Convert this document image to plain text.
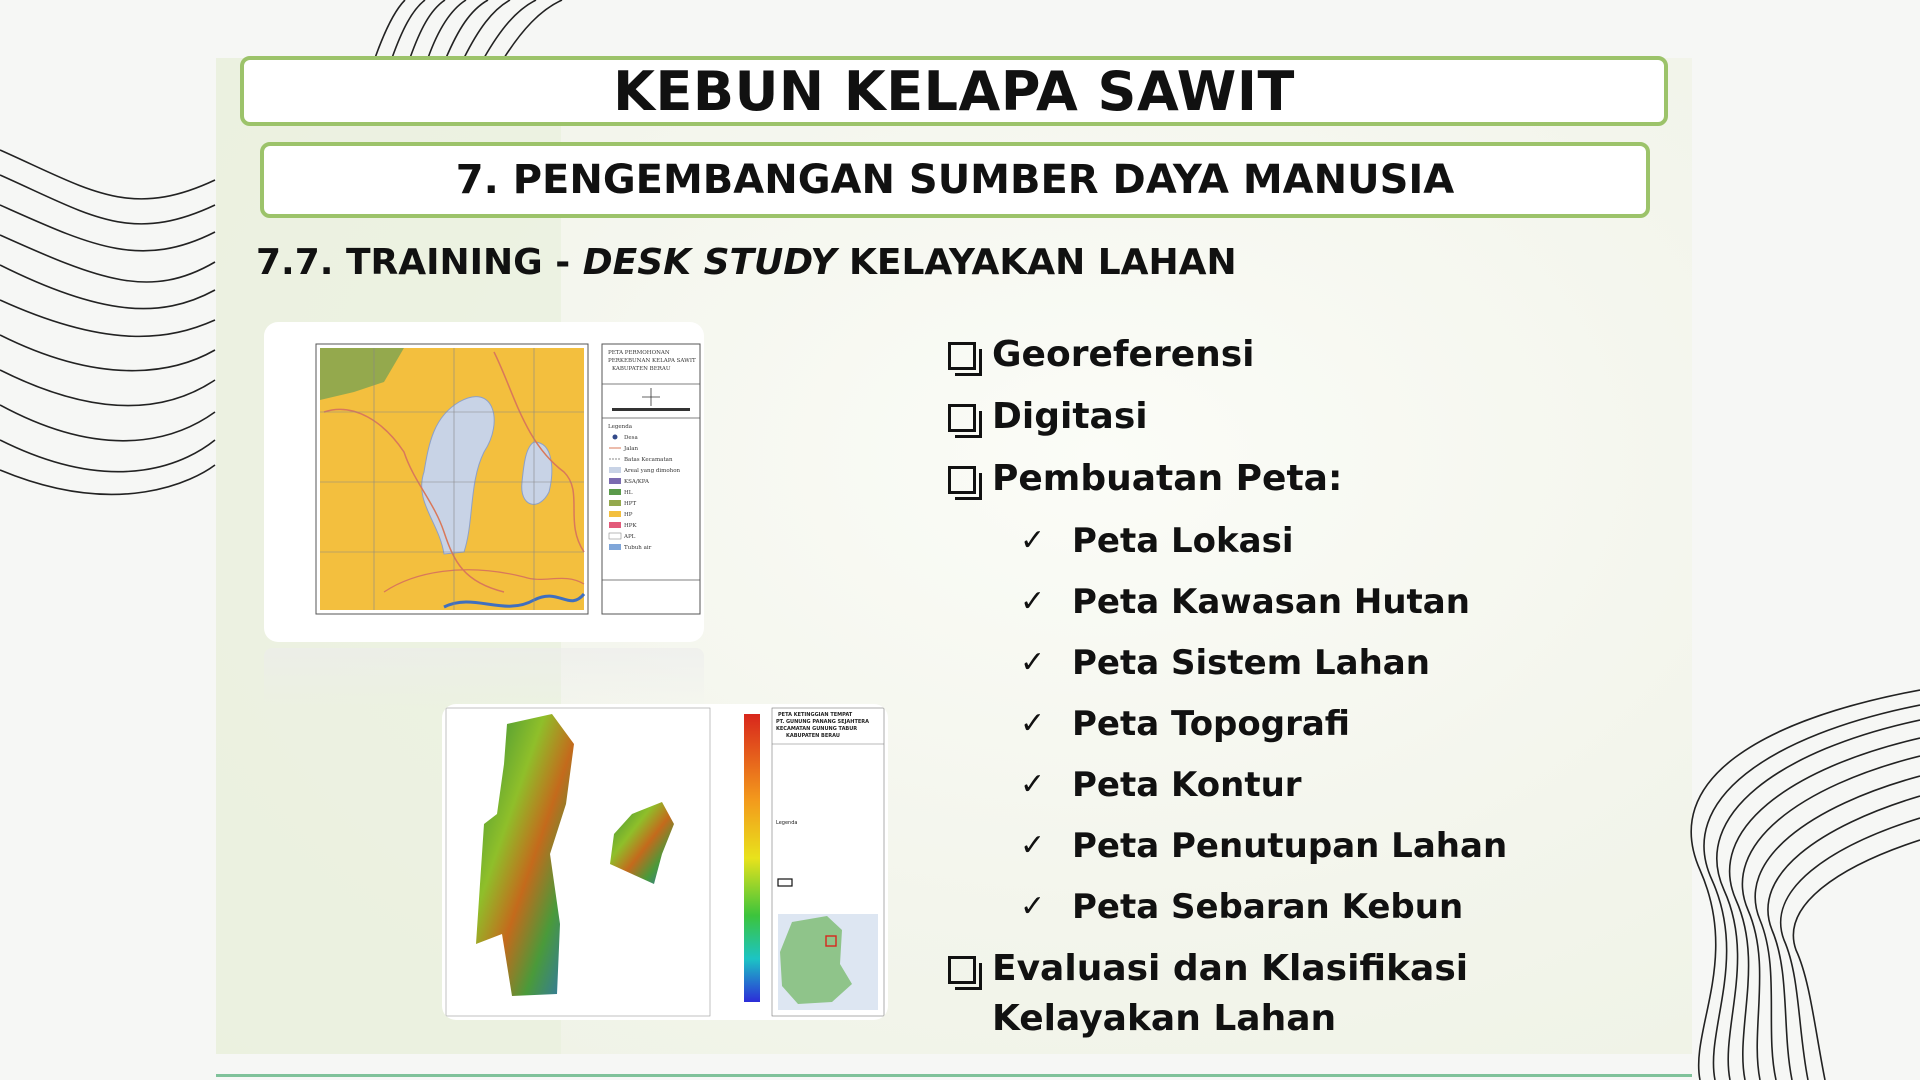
KEBUN KELAPA SAWIT
7. PENGEMBANGAN SUMBER DAYA MANUSIA
7.7. TRAINING - DESK STUDY KELAYAKAN LAHAN
PETA PERMOHONAN
PERKEBUNAN KELAPA SAWIT
KABUPATEN BERAU
Legenda
Desa
Jalan
Batas Kecamatan
Areal yang dimohon
KSA/KPA
HL
HPT
HP
HPK
APL
Tubuh air
PETA KETINGGIAN TEMPAT
PT. GUNUNG PANANG SEJAHTERA
KECAMATAN GUNUNG TABUR
KABUPATEN BERAU
Legenda
Georeferensi
Digitasi
Pembuatan Peta:
✓ Peta Lokasi
✓ Peta Kawasan Hutan
✓ Peta Sistem Lahan
✓ Peta Topografi
✓ Peta Kontur
✓ Peta Penutupan Lahan
✓ Peta Sebaran Kebun
Evaluasi dan Klasifikasi Kelayakan Lahan
